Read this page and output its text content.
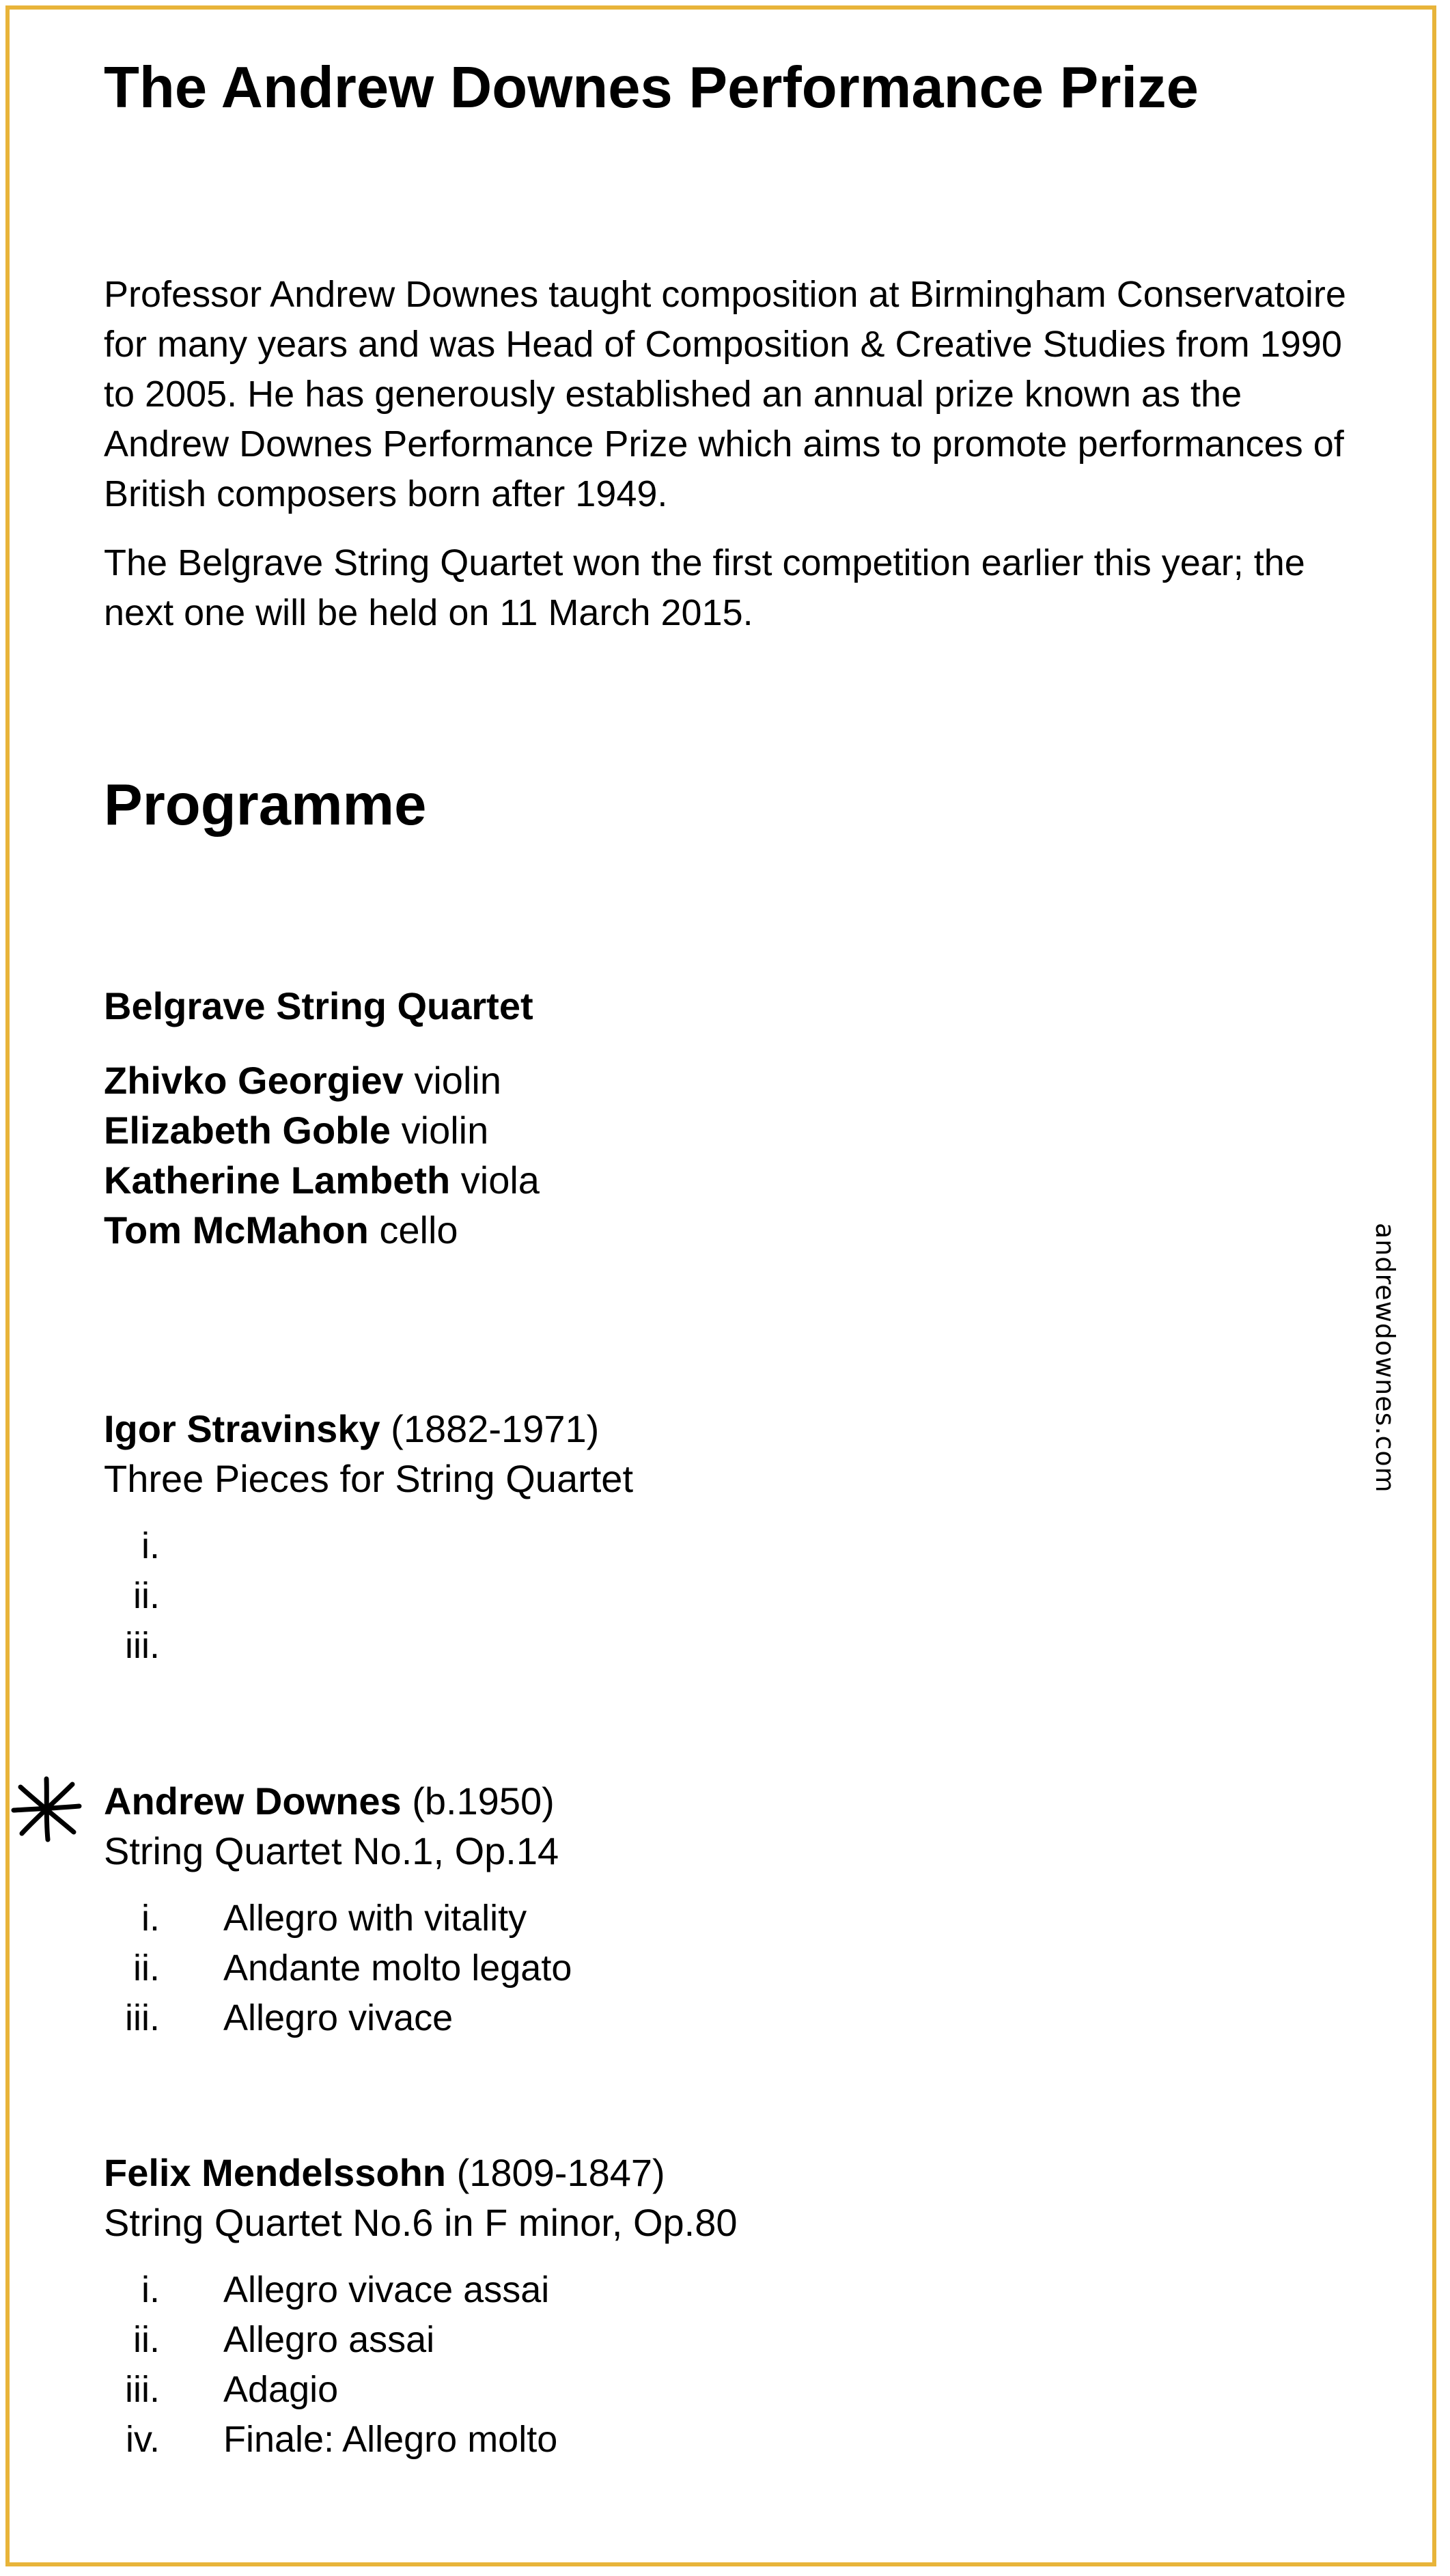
The Andrew Downes Performance Prize

Professor Andrew Downes taught composition at Birmingham Conservatoire for many years and was Head of Composition & Creative Studies from 1990 to 2005. He has generously established an annual prize known as the Andrew Downes Performance Prize which aims to promote performances of British composers born after 1949.

The Belgrave String Quartet won the first competition earlier this year; the next one will be held on 11 March 2015.

Programme
Belgrave String Quartet
Zhivko Georgiev violin
Elizabeth Goble violin
Katherine Lambeth viola
Tom McMahon cello
Igor Stravinsky (1882-1971)
Three Pieces for String Quartet
i.
ii.
iii.
Andrew Downes (b.1950)
String Quartet No.1, Op.14
i. Allegro with vitality
ii. Andante molto legato
iii. Allegro vivace
Felix Mendelssohn (1809-1847)
String Quartet No.6 in F minor, Op.80
i. Allegro vivace assai
ii. Allegro assai
iii. Adagio
iv. Finale: Allegro molto
andrewdownes.com
